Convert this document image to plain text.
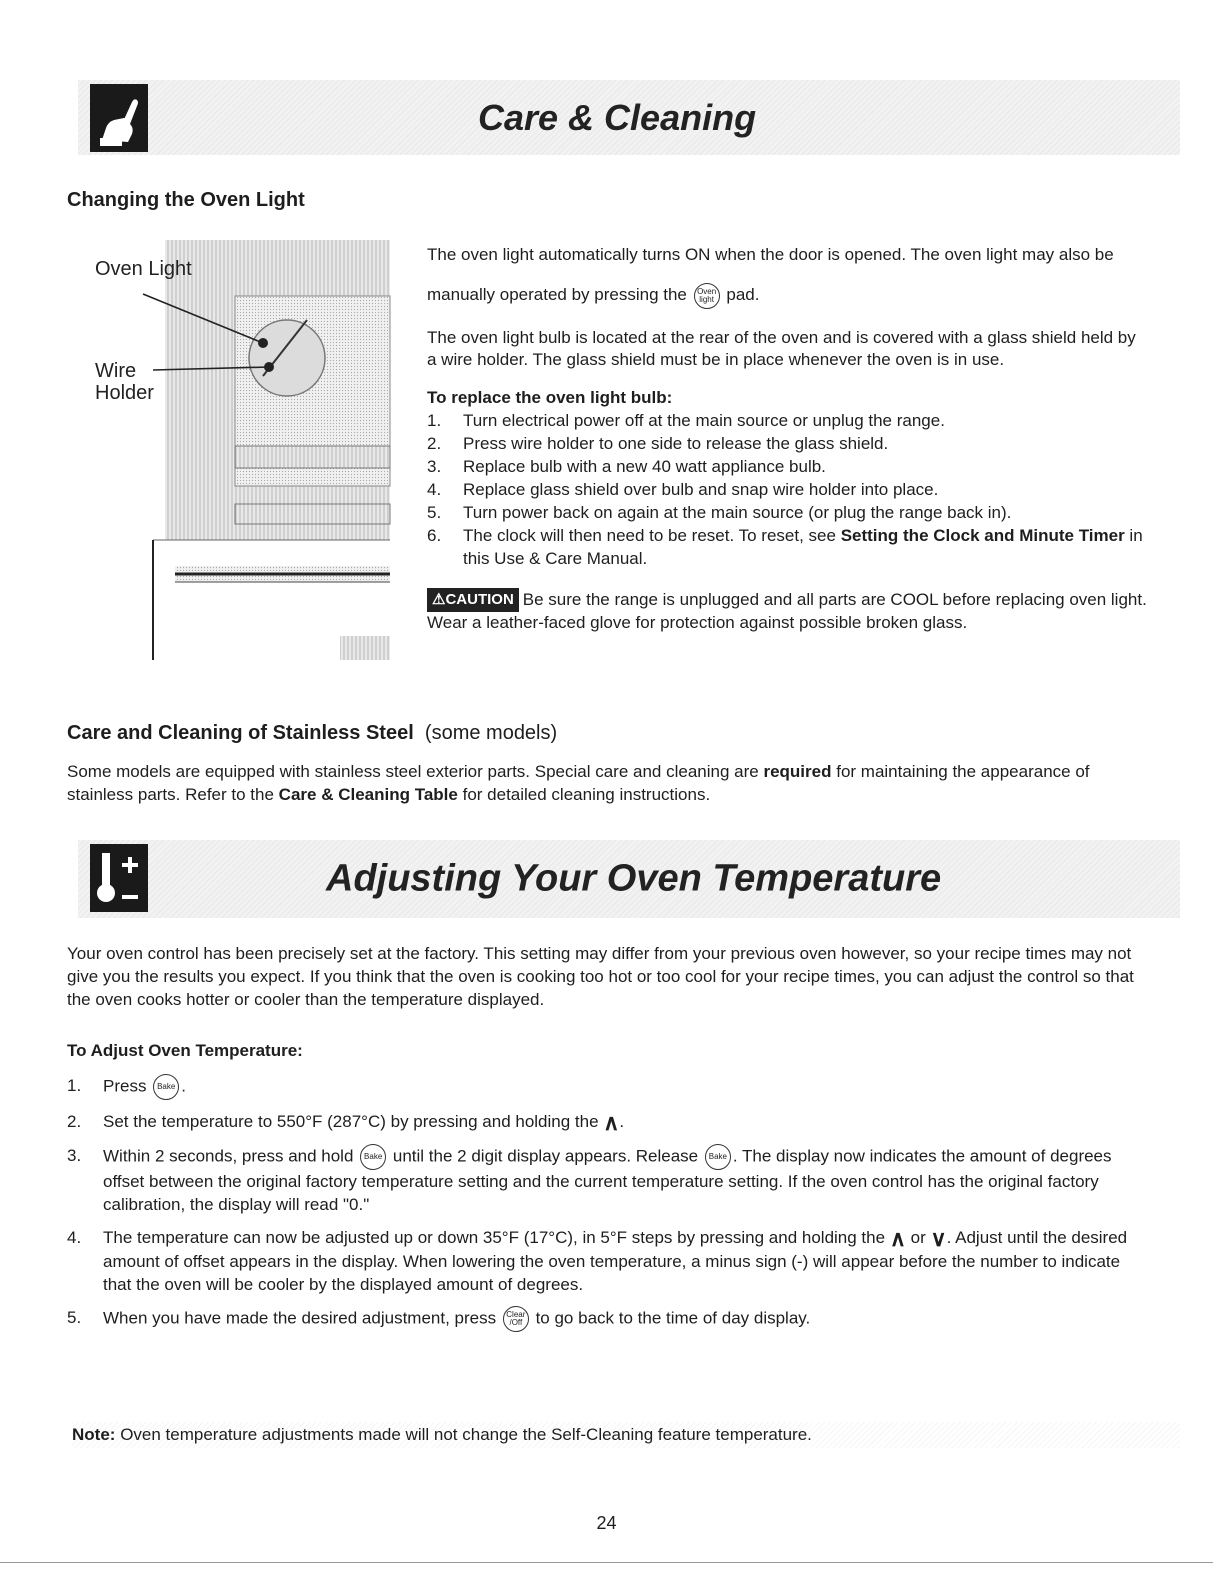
Care & Cleaning
Changing the Oven Light
Oven Light
Wire Holder

The oven light automatically turns ON when the door is opened. The oven light may also be manually operated by pressing the Oven light pad.

The oven light bulb is located at the rear of the oven and is covered with a glass shield held by a wire holder. The glass shield must be in place whenever the oven is in use.

To replace the oven light bulb:

1. Turn electrical power off at the main source or unplug the range.
2. Press wire holder to one side to release the glass shield.
3. Replace bulb with a new 40 watt appliance bulb.
4. Replace glass shield over bulb and snap wire holder into place.
5. Turn power back on again at the main source (or plug the range back in).
6. The clock will then need to be reset. To reset, see Setting the Clock and Minute Timer in this Use & Care Manual.

⚠CAUTION Be sure the range is unplugged and all parts are COOL before replacing oven light. Wear a leather-faced glove for protection against possible broken glass.

Care and Cleaning of Stainless Steel (some models)
Some models are equipped with stainless steel exterior parts. Special care and cleaning are required for maintaining the appearance of stainless parts. Refer to the Care & Cleaning Table for detailed cleaning instructions.
Adjusting Your Oven Temperature
Your oven control has been precisely set at the factory. This setting may differ from your previous oven however, so your recipe times may not give you the results you expect. If you think that the oven is cooking too hot or too cool for your recipe times, you can adjust the control so that the oven cooks hotter or cooler than the temperature displayed.
To Adjust Oven Temperature:
1. Press Bake .
2. Set the temperature to 550°F (287°C) by pressing and holding the ∧.
3. Within 2 seconds, press and hold Bake until the 2 digit display appears. Release Bake . The display now indicates the amount of degrees offset between the original factory temperature setting and the current temperature setting. If the oven control has the original factory calibration, the display will read "0."
4. The temperature can now be adjusted up or down 35°F (17°C), in 5°F steps by pressing and holding the ∧ or ∨. Adjust until the desired amount of offset appears in the display. When lowering the oven temperature, a minus sign (-) will appear before the number to indicate that the oven will be cooler by the displayed amount of degrees.
5. When you have made the desired adjustment, press Clear /Off to go back to the time of day display.
Note: Oven temperature adjustments made will not change the Self-Cleaning feature temperature.
24
